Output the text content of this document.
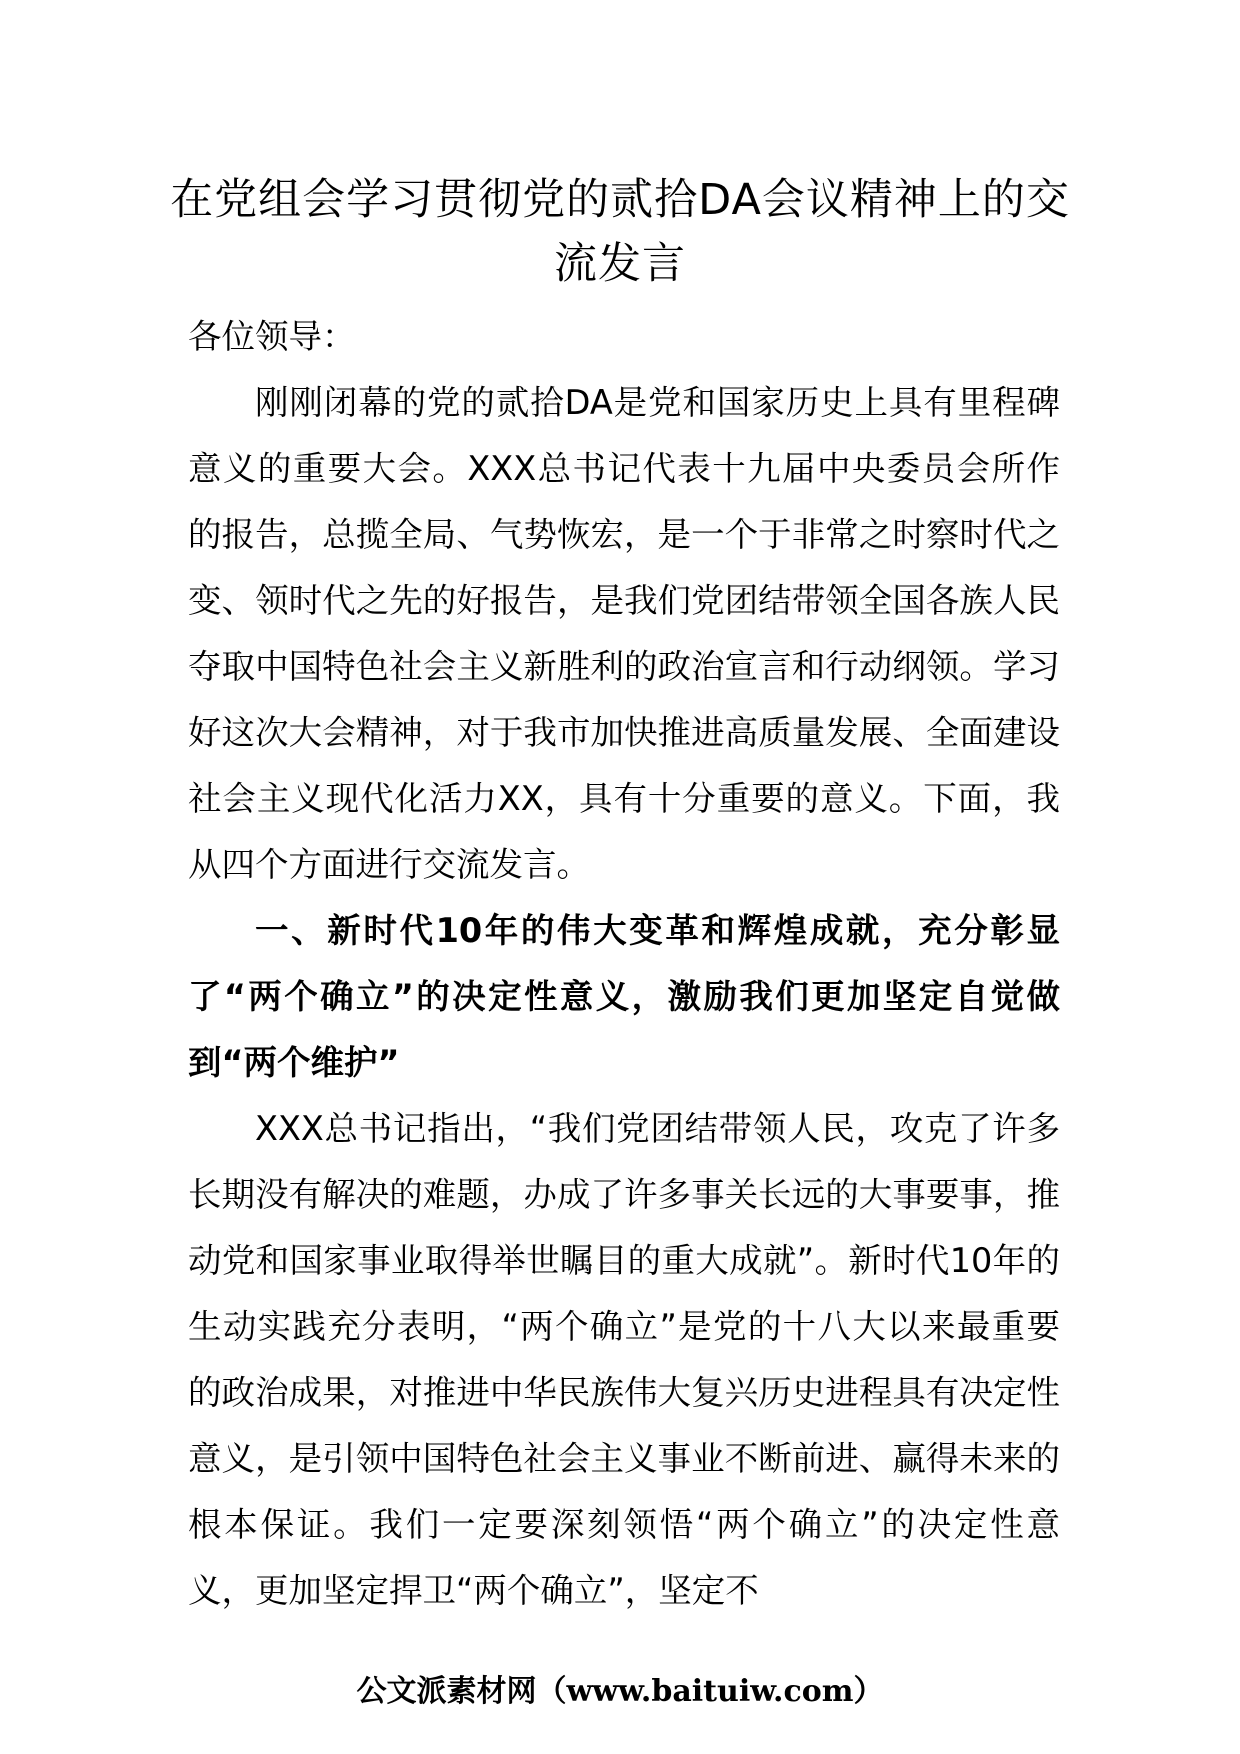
在党组会学习贯彻党的贰拾DA会议精神上的交流发言

各位领导：

刚刚闭幕的党的贰拾DA是党和国家历史上具有里程碑意义的重要大会。XXX总书记代表十九届中央委员会所作的报告，总揽全局、气势恢宏，是一个于非常之时察时代之变、领时代之先的好报告，是我们党团结带领全国各族人民夺取中国特色社会主义新胜利的政治宣言和行动纲领。学习好这次大会精神，对于我市加快推进高质量发展、全面建设社会主义现代化活力XX，具有十分重要的意义。下面，我从四个方面进行交流发言。

一、新时代10年的伟大变革和辉煌成就，充分彰显了“两个确立”的决定性意义，激励我们更加坚定自觉做到“两个维护”

XXX总书记指出，“我们党团结带领人民，攻克了许多长期没有解决的难题，办成了许多事关长远的大事要事，推动党和国家事业取得举世瞩目的重大成就”。新时代10年的生动实践充分表明，“两个确立”是党的十八大以来最重要的政治成果，对推进中华民族伟大复兴历史进程具有决定性意义，是引领中国特色社会主义事业不断前进、赢得未来的根本保证。我们一定要深刻领悟“两个确立”的决定性意义，更加坚定捍卫“两个确立”，坚定不

公文派素材网（www.baituiw.com）
